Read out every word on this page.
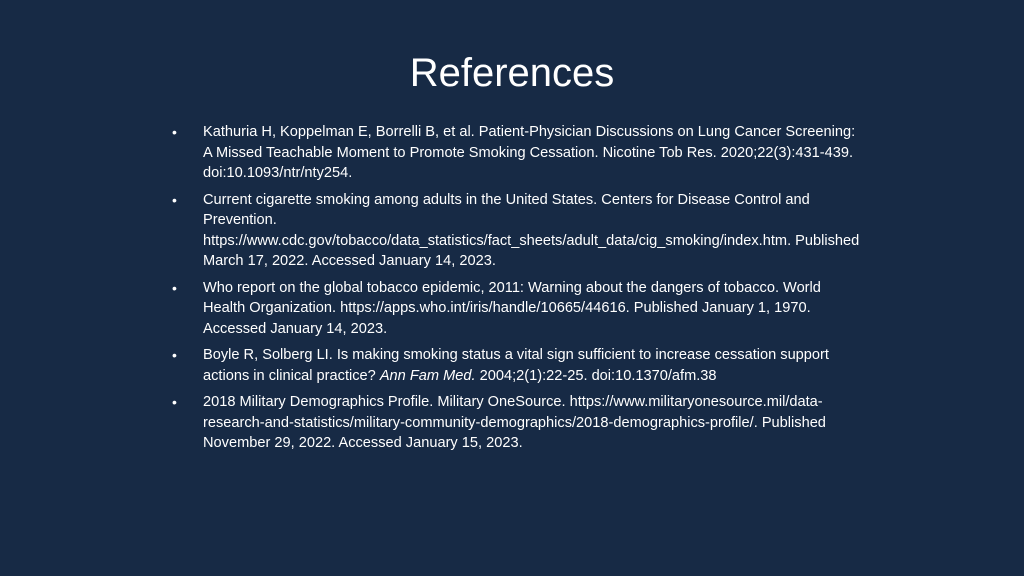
References
•	Kathuria H, Koppelman E, Borrelli B, et al. Patient-Physician Discussions on Lung Cancer Screening: A Missed Teachable Moment to Promote Smoking Cessation. Nicotine Tob Res. 2020;22(3):431-439. doi:10.1093/ntr/nty254.
•	Current cigarette smoking among adults in the United States. Centers for Disease Control and Prevention. https://www.cdc.gov/tobacco/data_statistics/fact_sheets/adult_data/cig_smoking/index.htm. Published March 17, 2022. Accessed January 14, 2023.
•	Who report on the global tobacco epidemic, 2011: Warning about the dangers of tobacco. World Health Organization. https://apps.who.int/iris/handle/10665/44616. Published January 1, 1970. Accessed January 14, 2023.
•	Boyle R, Solberg LI. Is making smoking status a vital sign sufficient to increase cessation support actions in clinical practice? Ann Fam Med. 2004;2(1):22-25. doi:10.1370/afm.38
•	2018 Military Demographics Profile. Military OneSource. https://www.militaryonesource.mil/data-research-and-statistics/military-community-demographics/2018-demographics-profile/. Published November 29, 2022. Accessed January 15, 2023.
